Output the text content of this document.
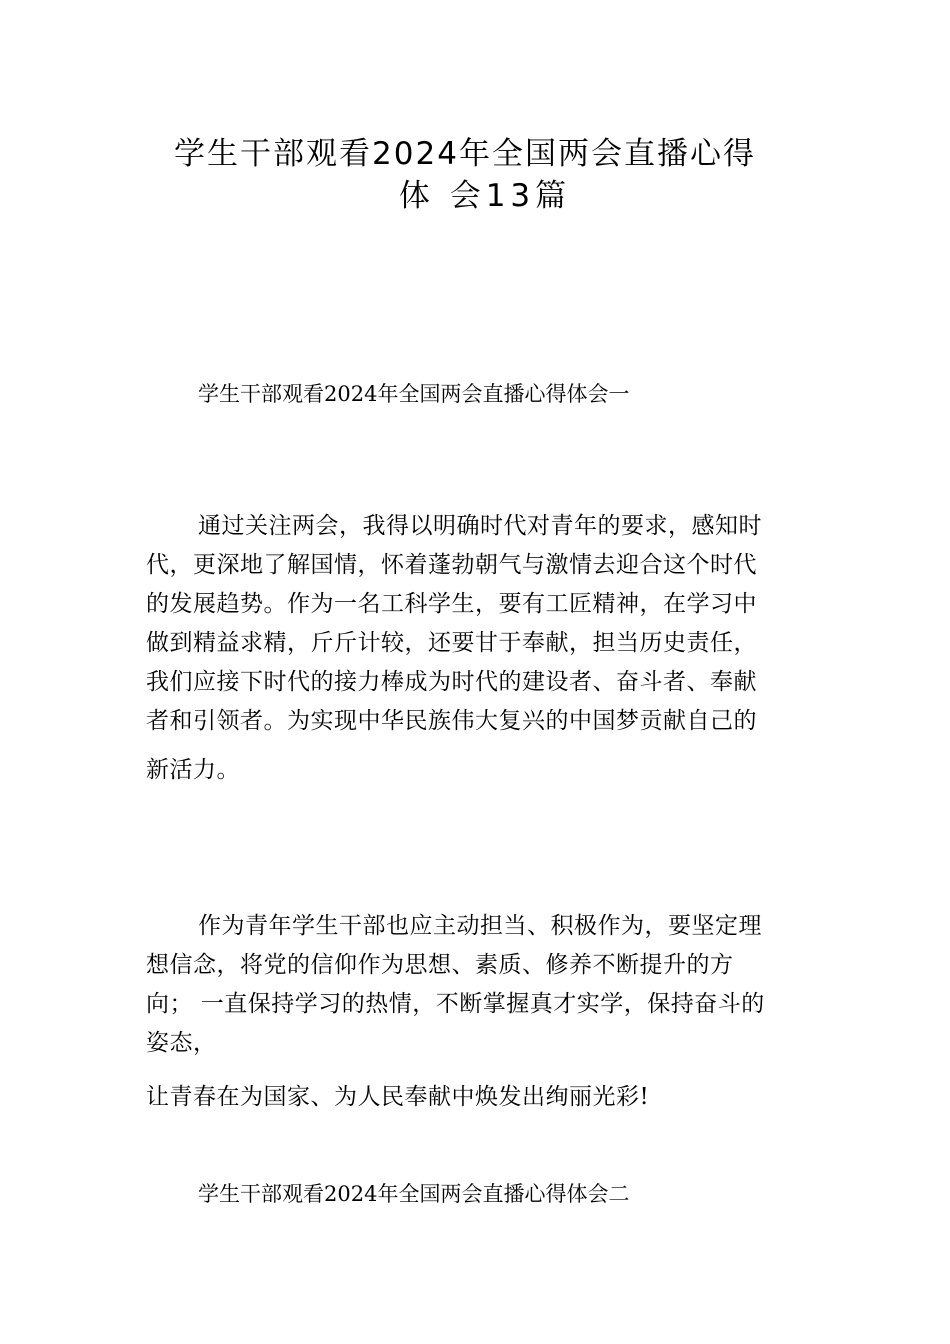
学生干部观看2024年全国两会直播心得
体 会13篇
学生干部观看2024年全国两会直播心得体会一
通过关注两会，我得以明确时代对青年的要求，感知时
代，更深地了解国情，怀着蓬勃朝气与激情去迎合这个时代
的发展趋势。作为一名工科学生，要有工匠精神，在学习中
做到精益求精，斤斤计较，还要甘于奉献，担当历史责任，
我们应接下时代的接力棒成为时代的建设者、奋斗者、奉献
者和引领者。为实现中华民族伟大复兴的中国梦贡献自己的
新活力。
作为青年学生干部也应主动担当、积极作为，要坚定理
想信念，将党的信仰作为思想、素质、修养不断提升的方
向； 一直保持学习的热情，不断掌握真才实学，保持奋斗的
姿态，
让青春在为国家、为人民奉献中焕发出绚丽光彩!
学生干部观看2024年全国两会直播心得体会二
